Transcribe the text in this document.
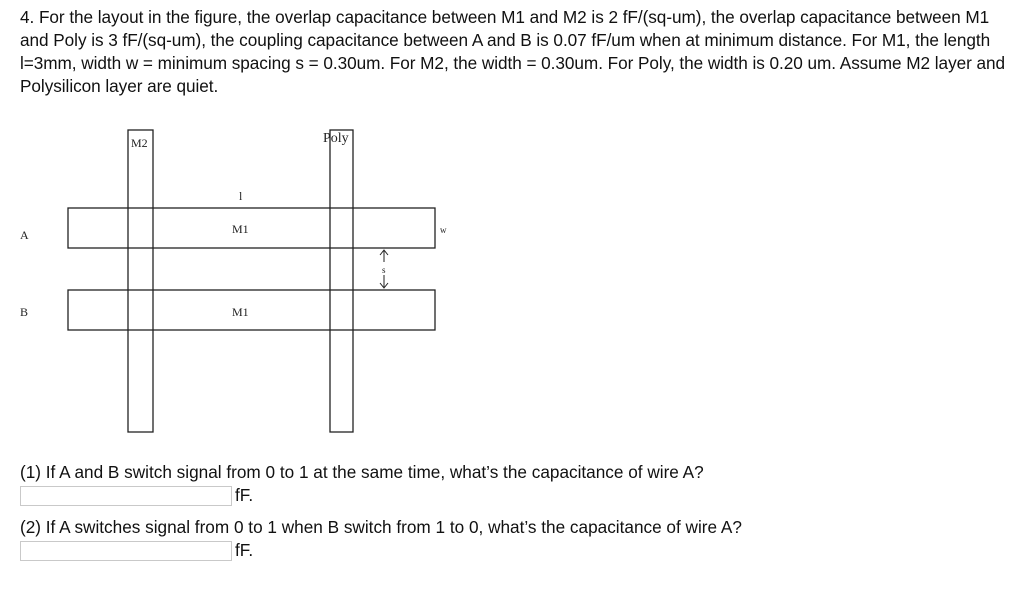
4. For the layout in the figure, the overlap capacitance between M1 and M2 is 2 fF/(sq-um), the overlap capacitance between M1 and Poly is 3 fF/(sq-um), the coupling capacitance between A and B is 0.07 fF/um when at minimum distance. For M1, the length l=3mm, width w = minimum spacing s = 0.30um. For M2, the width = 0.30um. For Poly, the width is 0.20 um. Assume M2 layer and Polysilicon layer are quiet.
M2	Poly
l
w
s
A
B
M1
M1
(1) If A and B switch signal from 0 to 1 at the same time, what’s the capacitance of wire A?
fF.
(2) If A switches signal from 0 to 1 when B switch from 1 to 0, what’s the capacitance of wire A?
fF.
